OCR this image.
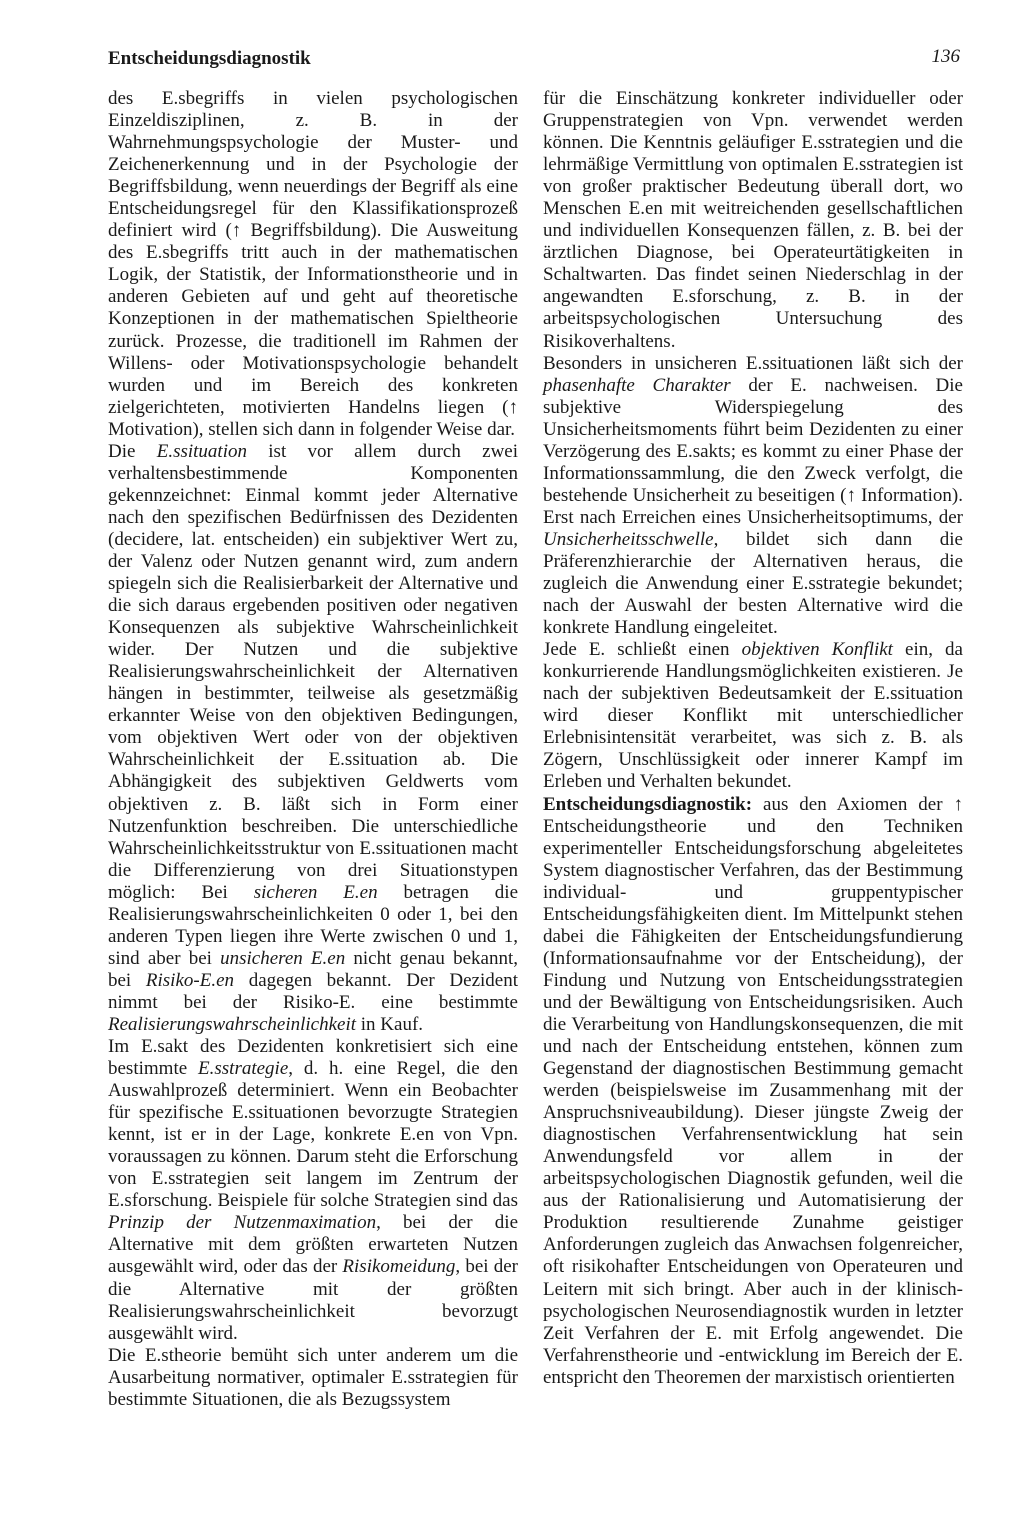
Entscheidungsdiagnostik	136

des E.sbegriffs in vielen psychologischen Einzeldisziplinen, z. B. in der Wahrnehmungspsychologie der Muster- und Zeichenerkennung und in der Psychologie der Begriffsbildung, wenn neuerdings der Begriff als eine Entscheidungsregel für den Klassifikationsprozeß definiert wird (↑ Begriffsbildung). Die Ausweitung des E.sbegriffs tritt auch in der mathematischen Logik, der Statistik, der Informationstheorie und in anderen Gebieten auf und geht auf theoretische Konzeptionen in der mathematischen Spieltheorie zurück. Prozesse, die traditionell im Rahmen der Willens- oder Motivationspsychologie behandelt wurden und im Bereich des konkreten zielgerichteten, motivierten Handelns liegen (↑ Motivation), stellen sich dann in folgender Weise dar.

Die E.ssituation ist vor allem durch zwei verhaltensbestimmende Komponenten gekennzeichnet: Einmal kommt jeder Alternative nach den spezifischen Bedürfnissen des Dezidenten (decidere, lat. entscheiden) ein subjektiver Wert zu, der Valenz oder Nutzen genannt wird, zum andern spiegeln sich die Realisierbarkeit der Alternative und die sich daraus ergebenden positiven oder negativen Konsequenzen als subjektive Wahrscheinlichkeit wider. Der Nutzen und die subjektive Realisierungswahrscheinlichkeit der Alternativen hängen in bestimmter, teilweise als gesetzmäßig erkannter Weise von den objektiven Bedingungen, vom objektiven Wert oder von der objektiven Wahrscheinlichkeit der E.ssituation ab. Die Abhängigkeit des subjektiven Geldwerts vom objektiven z. B. läßt sich in Form einer Nutzenfunktion beschreiben. Die unterschiedliche Wahrscheinlichkeitsstruktur von E.ssituationen macht die Differenzierung von drei Situationstypen möglich: Bei sicheren E.en betragen die Realisierungswahrscheinlichkeiten 0 oder 1, bei den anderen Typen liegen ihre Werte zwischen 0 und 1, sind aber bei unsicheren E.en nicht genau bekannt, bei Risiko-E.en dagegen bekannt. Der Dezident nimmt bei der Risiko-E. eine bestimmte Realisierungswahrscheinlichkeit in Kauf.

Im E.sakt des Dezidenten konkretisiert sich eine bestimmte E.sstrategie, d. h. eine Regel, die den Auswahlprozeß determiniert. Wenn ein Beobachter für spezifische E.ssituationen bevorzugte Strategien kennt, ist er in der Lage, konkrete E.en von Vpn. voraussagen zu können. Darum steht die Erforschung von E.sstrategien seit langem im Zentrum der E.sforschung. Beispiele für solche Strategien sind das Prinzip der Nutzenmaximation, bei der die Alternative mit dem größten erwarteten Nutzen ausgewählt wird, oder das der Risikomeidung, bei der die Alternative mit der größten Realisierungswahrscheinlichkeit bevorzugt ausgewählt wird.

Die E.stheorie bemüht sich unter anderem um die Ausarbeitung normativer, optimaler E.sstrategien für bestimmte Situationen, die als Bezugssystem

für die Einschätzung konkreter individueller oder Gruppenstrategien von Vpn. verwendet werden können. Die Kenntnis geläufiger E.sstrategien und die lehrmäßige Vermittlung von optimalen E.sstrategien ist von großer praktischer Bedeutung überall dort, wo Menschen E.en mit weitreichenden gesellschaftlichen und individuellen Konsequenzen fällen, z. B. bei der ärztlichen Diagnose, bei Operateurtätigkeiten in Schaltwarten. Das findet seinen Niederschlag in der angewandten E.sforschung, z. B. in der arbeitspsychologischen Untersuchung des Risikoverhaltens.

Besonders in unsicheren E.ssituationen läßt sich der phasenhafte Charakter der E. nachweisen. Die subjektive Widerspiegelung des Unsicherheitsmoments führt beim Dezidenten zu einer Verzögerung des E.sakts; es kommt zu einer Phase der Informationssammlung, die den Zweck verfolgt, die bestehende Unsicherheit zu beseitigen (↑ Information). Erst nach Erreichen eines Unsicherheitsoptimums, der Unsicherheitsschwelle, bildet sich dann die Präferenzhierarchie der Alternativen heraus, die zugleich die Anwendung einer E.sstrategie bekundet; nach der Auswahl der besten Alternative wird die konkrete Handlung eingeleitet.

Jede E. schließt einen objektiven Konflikt ein, da konkurrierende Handlungsmöglichkeiten existieren. Je nach der subjektiven Bedeutsamkeit der E.ssituation wird dieser Konflikt mit unterschiedlicher Erlebnisintensität verarbeitet, was sich z. B. als Zögern, Unschlüssigkeit oder innerer Kampf im Erleben und Verhalten bekundet.

Entscheidungsdiagnostik: aus den Axiomen der ↑ Entscheidungstheorie und den Techniken experimenteller Entscheidungsforschung abgeleitetes System diagnostischer Verfahren, das der Bestimmung individual- und gruppentypischer Entscheidungsfähigkeiten dient. Im Mittelpunkt stehen dabei die Fähigkeiten der Entscheidungsfundierung (Informationsaufnahme vor der Entscheidung), der Findung und Nutzung von Entscheidungsstrategien und der Bewältigung von Entscheidungsrisiken. Auch die Verarbeitung von Handlungskonsequenzen, die mit und nach der Entscheidung entstehen, können zum Gegenstand der diagnostischen Bestimmung gemacht werden (beispielsweise im Zusammenhang mit der Anspruchsniveaubildung). Dieser jüngste Zweig der diagnostischen Verfahrensentwicklung hat sein Anwendungsfeld vor allem in der arbeitspsychologischen Diagnostik gefunden, weil die aus der Rationalisierung und Automatisierung der Produktion resultierende Zunahme geistiger Anforderungen zugleich das Anwachsen folgenreicher, oft risikohafter Entscheidungen von Operateuren und Leitern mit sich bringt. Aber auch in der klinisch-psychologischen Neurosendiagnostik wurden in letzter Zeit Verfahren der E. mit Erfolg angewendet. Die Verfahrenstheorie und -entwicklung im Bereich der E. entspricht den Theoremen der marxistisch orientierten
